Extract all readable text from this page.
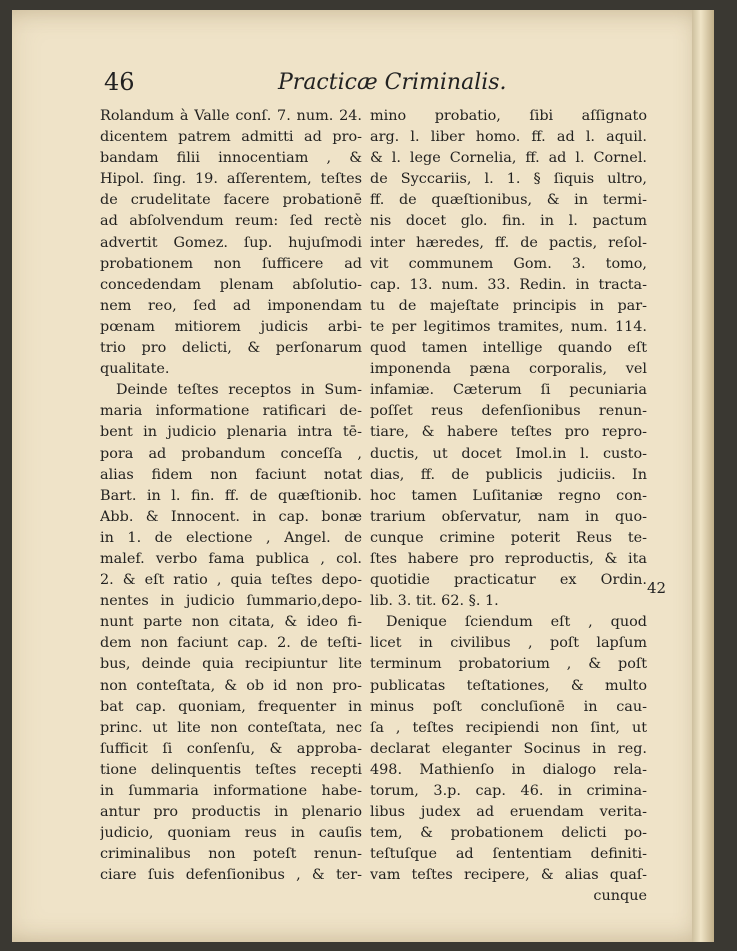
46	Practicæ Criminalis.
Rolandum à Valle conſ. 7. num. 24.
dicentem patrem admitti ad pro-
bandam filii innocentiam , &
Hipol. ſing. 19. aſſerentem, teſtes
de crudelitate facere probationē
ad abſolvendum reum: ſed rectè
advertit Gomez. ſup. hujuſmodi
probationem non ſufficere ad
concedendam plenam abſolutio-
nem reo, ſed ad imponendam
pœnam mitiorem judicis arbi-
trio pro delicti, & perſonarum
qualitate.
Deinde teſtes receptos in Sum-
maria informatione ratificari de-
bent in judicio plenaria intra tē-
pora ad probandum conceſſa ,
alias fidem non faciunt notat
Bart. in l. fin. ff. de quæſtionib.
Abb. & Innocent. in cap. bonæ
in 1. de electione , Angel. de
malef. verbo fama publica , col.
2. & eſt ratio , quia teſtes depo-
nentes in judicio ſummario,depo-
nunt parte non citata, & ideo fi-
dem non faciunt cap. 2. de teſti-
bus, deinde quia recipiuntur lite
non conteſtata, & ob id non pro-
bat cap. quoniam, frequenter in
princ. ut lite non conteſtata, nec
ſufficit ſi conſenſu, & approba-
tione delinquentis teſtes recepti
in ſummaria informatione habe-
antur pro productis in plenario
judicio, quoniam reus in cauſis
criminalibus non poteſt renun-
ciare ſuis defenſionibus , & ter-
mino probatio, ſibi aſſignato
arg. l. liber homo. ff. ad l. aquil.
& l. lege Cornelia, ff. ad l. Cornel.
de Syccariis, l. 1. § ſiquis ultro,
ff. de quæſtionibus, & in termi-
nis docet glo. fin. in l. pactum
inter hæredes, ff. de pactis, reſol-
vit communem Gom. 3. tomo,
cap. 13. num. 33. Redin. in tracta-
tu de majeſtate principis in par-
te per legitimos tramites, num. 114.
quod tamen intellige quando eſt
imponenda pæna corporalis, vel
infamiæ. Cæterum ſi pecuniaria
poſſet reus defenſionibus renun-
tiare, & habere teſtes pro repro-
ductis, ut docet Imol.in l. custo-
dias, ff. de publicis judiciis. In
hoc tamen Luſitaniæ regno con-
trarium obſervatur, nam in quo-
cunque crimine poterit Reus te-
ſtes habere pro reproductis, & ita
quotidie practicatur ex Ordin.
lib. 3. tit. 62. §. 1.
Denique ſciendum eſt , quod
licet in civilibus , poſt lapſum
terminum probatorium , & poſt
publicatas teſtationes, & multo
minus poſt concluſionē in cau-
ſa , teſtes recipiendi non ſint, ut
declarat eleganter Socinus in reg.
498. Mathienſo in dialogo rela-
torum, 3.p. cap. 46. in crimina-
libus judex ad eruendam verita-
tem, & probationem delicti po-
teſtuſque ad ſententiam definiti-
vam teſtes recipere, & alias quaſ-
cunque
42
